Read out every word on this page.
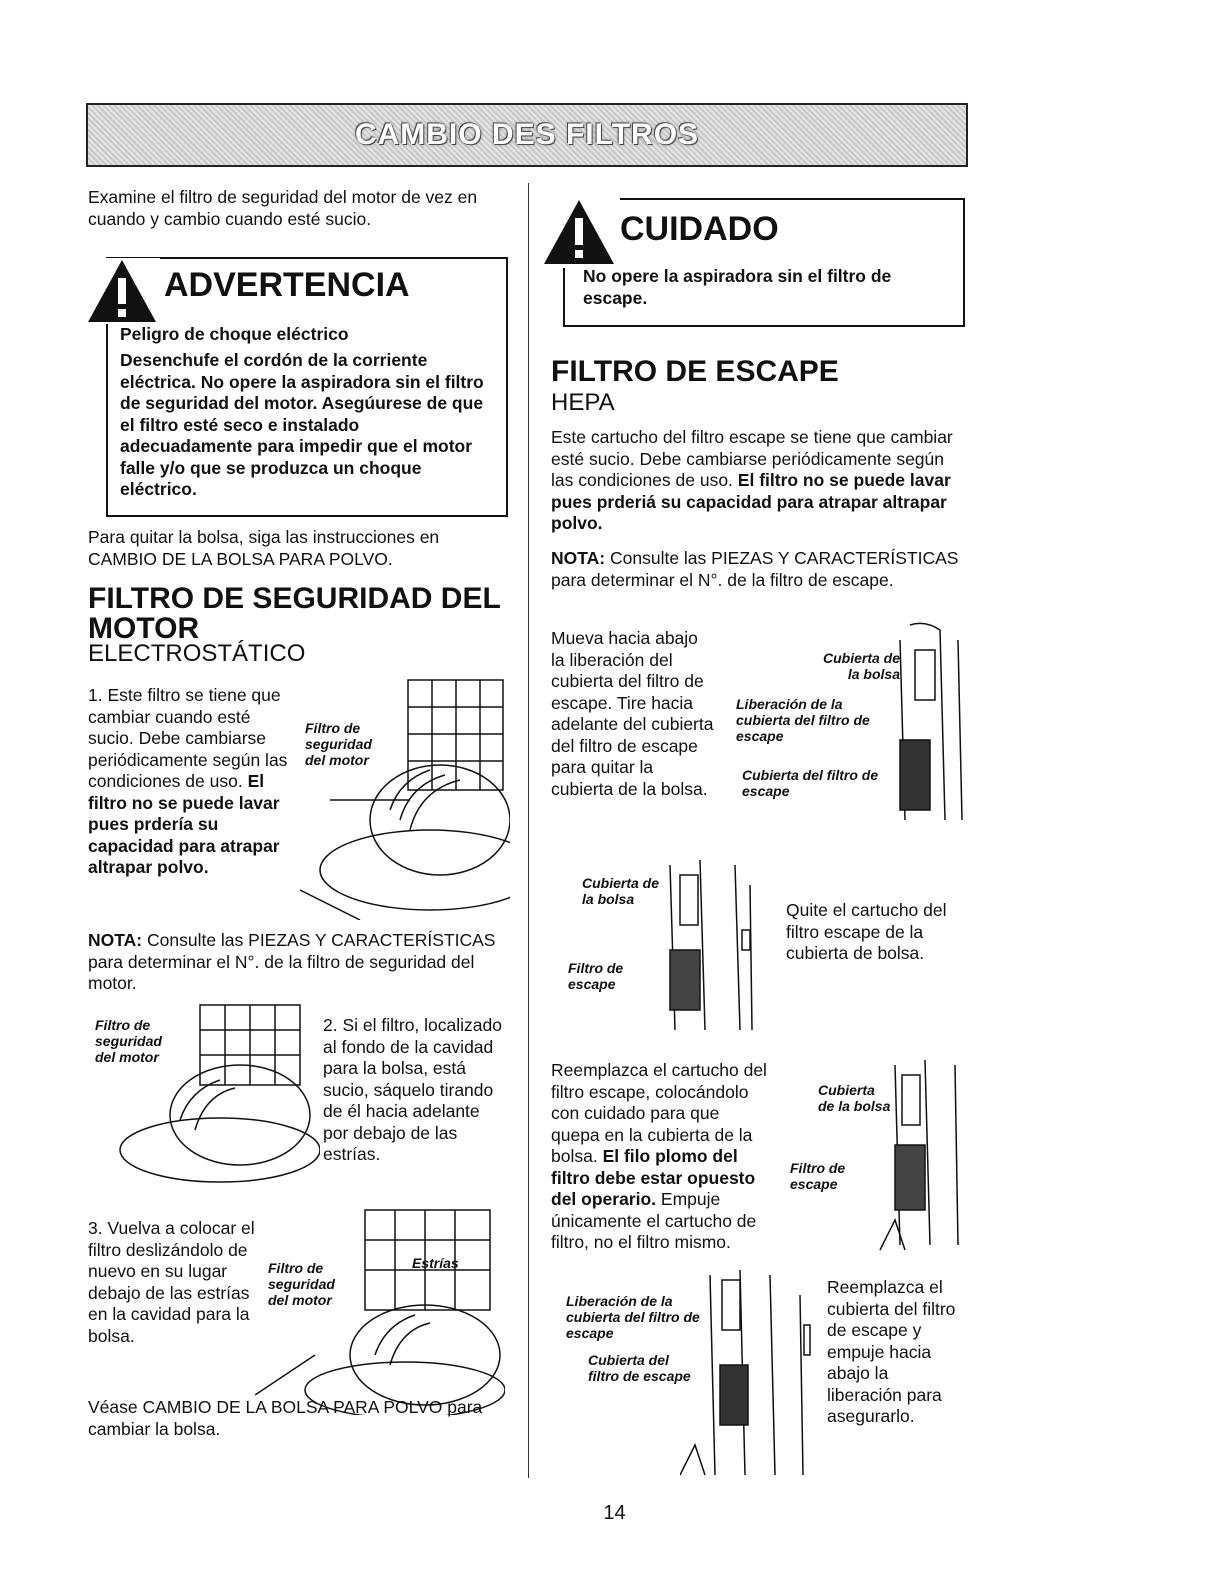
CAMBIO DES FILTROS
Examine el filtro de seguridad del motor de vez en cuando y cambio cuando esté sucio.
ADVERTENCIA
Peligro de choque eléctrico
Desenchufe el cordón de la corriente eléctrica. No opere la aspiradora sin el filtro de seguridad del motor. Asegúurese de que el filtro esté seco e instalado adecuadamente para impedir que el motor falle y/o que se produzca un choque eléctrico.
Para quitar la bolsa, siga las instrucciones en CAMBIO DE LA BOLSA PARA POLVO.
FILTRO DE SEGURIDAD DEL MOTOR
ELECTROSTÁTICO
1. Este filtro se tiene que cambiar cuando esté sucio. Debe cambiarse periódicamente según las condiciones de uso. El filtro no se puede lavar pues prdería su capacidad para atrapar altrapar polvo.
Filtro de seguridad del motor
NOTA: Consulte las PIEZAS Y CARACTERÍSTICAS para determinar el N°. de la filtro de seguridad del motor.
Filtro de seguridad del motor
2. Si el filtro, localizado al fondo de la cavidad para la bolsa, está sucio, sáquelo tirando de él hacia adelante por debajo de las estrías.
3. Vuelva a colocar el filtro deslizándolo de nuevo en su lugar debajo de las estrías en la cavidad para la bolsa.
Filtro de seguridad del motor
Estrías
Véase CAMBIO DE LA BOLSA PARA POLVO para cambiar la bolsa.
CUIDADO
No opere la aspiradora sin el filtro de escape.
FILTRO DE ESCAPE
HEPA
Este cartucho del filtro escape se tiene que cambiar esté sucio. Debe cambiarse periódicamente según las condiciones de uso. El filtro no se puede lavar pues prderiá su capacidad para atrapar altrapar polvo.
NOTA: Consulte las PIEZAS Y CARACTERÍSTICAS para determinar el N°. de la filtro de escape.
Mueva hacia abajo la liberación del cubierta del filtro de escape. Tire hacia adelante del cubierta del filtro de escape para quitar la cubierta de la bolsa.
Cubierta de la bolsa
Liberación de la cubierta del filtro de escape
Cubierta del filtro de escape
Cubierta de la bolsa
Filtro de escape
Quite el cartucho del filtro escape de la cubierta de bolsa.
Reemplazca el cartucho del filtro escape, colocándolo con cuidado para que quepa en la cubierta de la bolsa. El filo plomo del filtro debe estar opuesto del operario. Empuje únicamente el cartucho de filtro, no el filtro mismo.
Cubierta de la bolsa
Filtro de escape
Liberación de la cubierta del filtro de escape
Cubierta del filtro de escape
Reemplazca el cubierta del filtro de escape y empuje hacia abajo la liberación para asegurarlo.
14
